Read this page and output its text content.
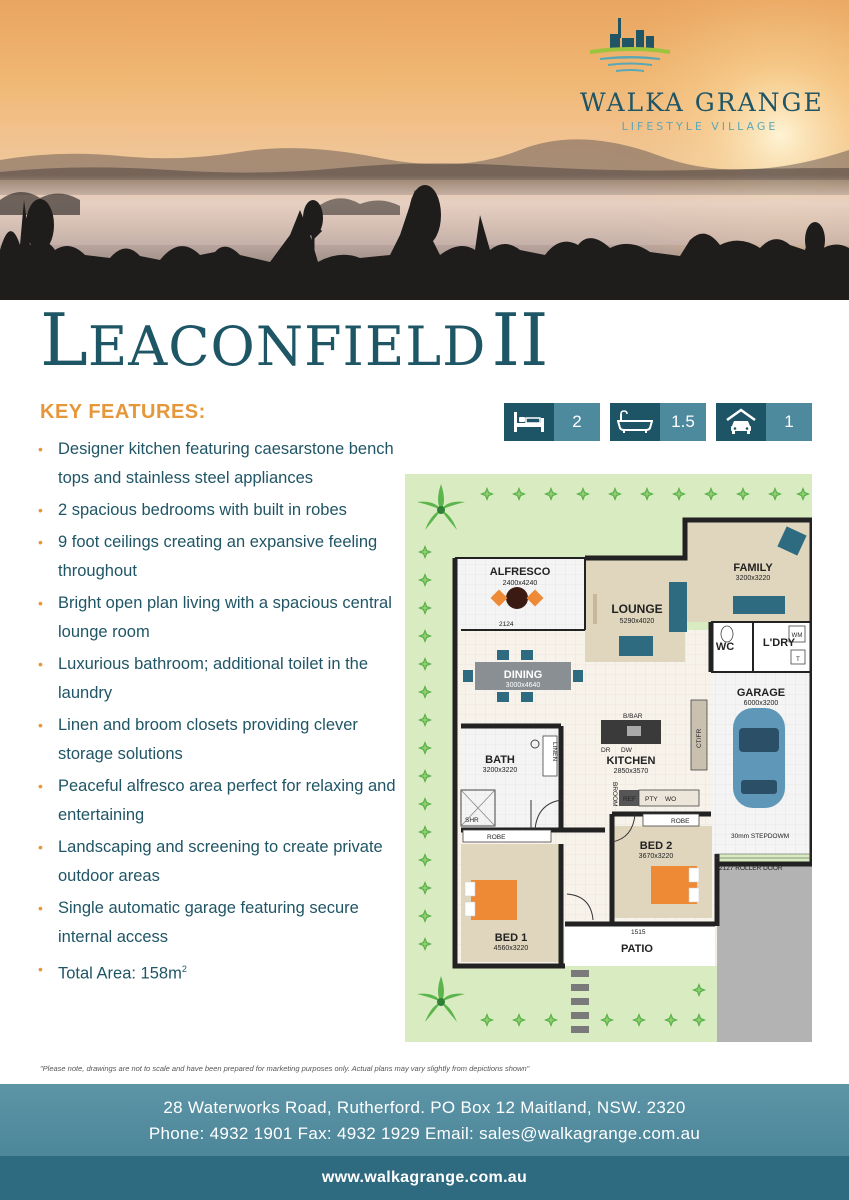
WALKA GRANGE
LIFESTYLE VILLAGE
LEACONFIELD II
KEY FEATURES:
• Designer kitchen featuring caesarstone bench tops and stainless steel appliances
• 2 spacious bedrooms with built in robes
• 9 foot ceilings creating an expansive feeling throughout
• Bright open plan living with a spacious central lounge room
• Luxurious bathroom; additional toilet in the laundry
• Linen and broom closets providing clever storage solutions
• Peaceful alfresco area perfect for relaxing and entertaining
• Landscaping and screening to create private outdoor areas
• Single automatic garage featuring secure internal access
• Total Area: $158m^2$
2	1.5	1
ALFRESCO
2400x4240
LOUNGE
5290x4020
FAMILY
3200x3220
DINING
3000x4640
WC	L'DRY
WM
T
GARAGE
6000x3200
BATH
3200x3220
KITCHEN
2850x3570
BED 2
3670x3220
BED 1
4560x3220	PATIO
2124
B/BAR
DR DW
SHR
ROBE
ROBE
REF PTY WO
30mm STEPDOWM
2127 ROLLER DOOR
1515
LINEN
BROOM
CT/FR
"Please note, drawings are not to scale and have been prepared for marketing purposes only. Actual plans may vary slightly from depictions shown"
28 Waterworks Road, Rutherford. PO Box 12 Maitland, NSW. 2320
Phone: 4932 1901 Fax: 4932 1929 Email: sales@walkagrange.com.au
www.walkagrange.com.au
